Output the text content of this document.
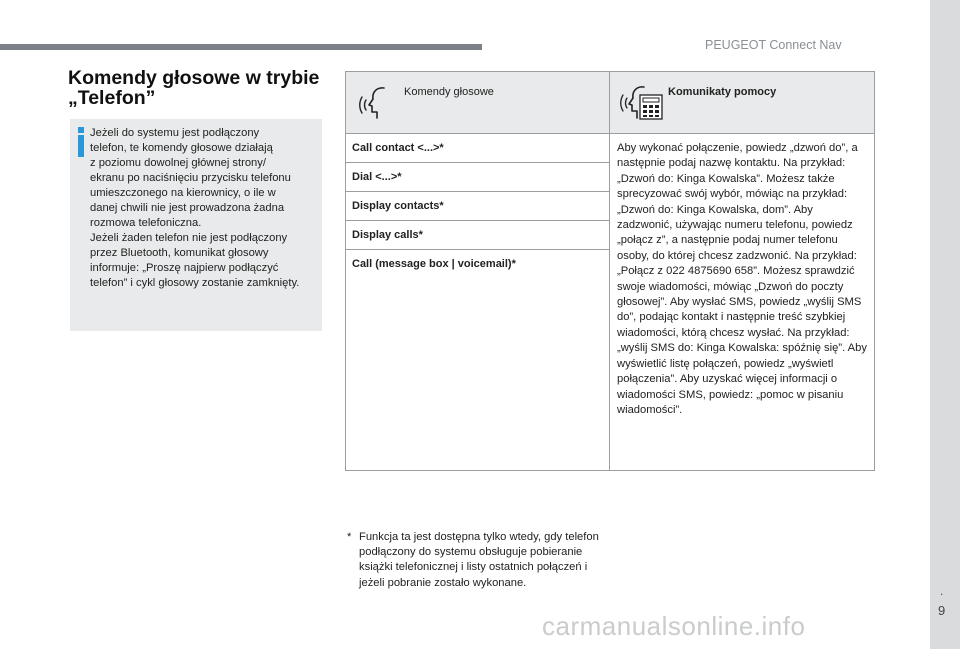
PEUGEOT Connect Nav
.
9
Komendy głosowe w trybie
„Telefon”
Jeżeli do systemu jest podłączony
telefon, te komendy głosowe działają
z poziomu dowolnej głównej strony/
ekranu po naciśnięciu przycisku telefonu
umieszczonego na kierownicy, o ile w
danej chwili nie jest prowadzona żadna
rozmowa telefoniczna.
Jeżeli żaden telefon nie jest podłączony
przez Bluetooth, komunikat głosowy
informuje: „Proszę najpierw podłączyć
telefon” i cykl głosowy zostanie zamknięty.
Komendy głosowe	Komunikaty pomocy

Call contact <...>*	Aby wykonać połączenie, powiedz „dzwoń do”, a następnie podaj nazwę kontaktu. Na przykład: „Dzwoń do: Kinga Kowalska”. Możesz także sprecyzować swój wybór, mówiąc na przykład: „Dzwoń do: Kinga Kowalska, dom”. Aby zadzwonić, używając numeru telefonu, powiedz „połącz z”, a następnie podaj numer telefonu osoby, do której chcesz zadzwonić. Na przykład: „Połącz z 022 4875690 658”. Możesz sprawdzić swoje wiadomości, mówiąc „Dzwoń do poczty głosowej”. Aby wysłać SMS, powiedz „wyślij SMS do”, podając kontakt i następnie treść szybkiej wiadomości, którą chcesz wysłać. Na przykład: „wyślij SMS do: Kinga Kowalska: spóźnię się”. Aby wyświetlić listę połączeń, powiedz „wyświetl połączenia”. Aby uzyskać więcej informacji o wiadomości SMS, powiedz: „pomoc w pisaniu wiadomości”.
Dial <...>*	
Display contacts*	
Display calls*	
Call (message box | voicemail)*	
* Funkcja ta jest dostępna tylko wtedy, gdy telefon podłączony do systemu obsługuje pobieranie książki telefonicznej i listy ostatnich połączeń i jeżeli pobranie zostało wykonane.
carmanualsonline.info
